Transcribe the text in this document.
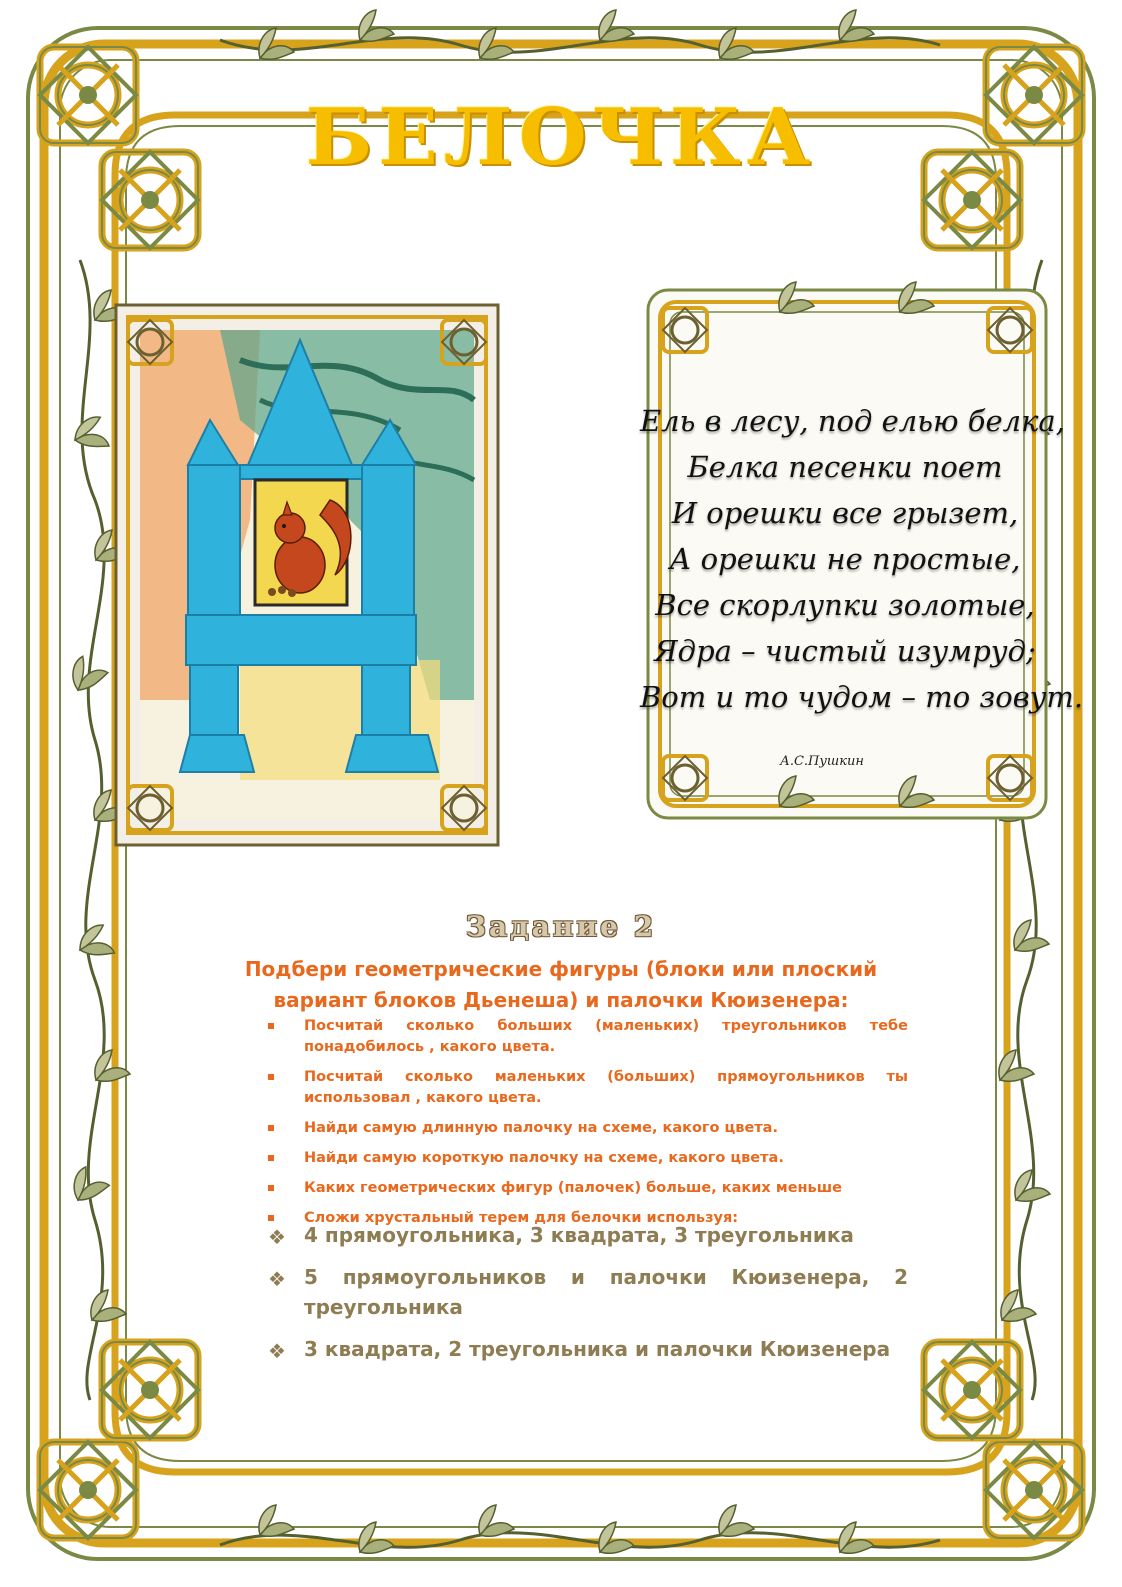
БЕЛОЧКА
Ель в лесу, под елью белка,
Белка песенки поет
И орешки все грызет,
А орешки не простые,
Все скорлупки золотые,
Ядра – чистый изумруд;
Вот и то чудом – то зовут.
А.С.Пушкин
Задание 2
Подбери геометрические фигуры (блоки или плоский вариант блоков Дьенеша) и палочки Кюизенера:
Посчитай сколько больших (маленьких) треугольников тебе понадобилось , какого цвета.
Посчитай сколько маленьких (больших) прямоугольников ты использовал , какого цвета.
Найди самую длинную палочку на схеме, какого цвета.
Найди самую короткую палочку на схеме, какого цвета.
Каких геометрических фигур (палочек) больше, каких меньше
Сложи хрустальный терем для белочки используя:
❖ 4 прямоугольника, 3 квадрата, 3 треугольника
❖ 5 прямоугольников и палочки Кюизенера, 2 треугольника
❖ 3 квадрата, 2 треугольника и палочки Кюизенера
